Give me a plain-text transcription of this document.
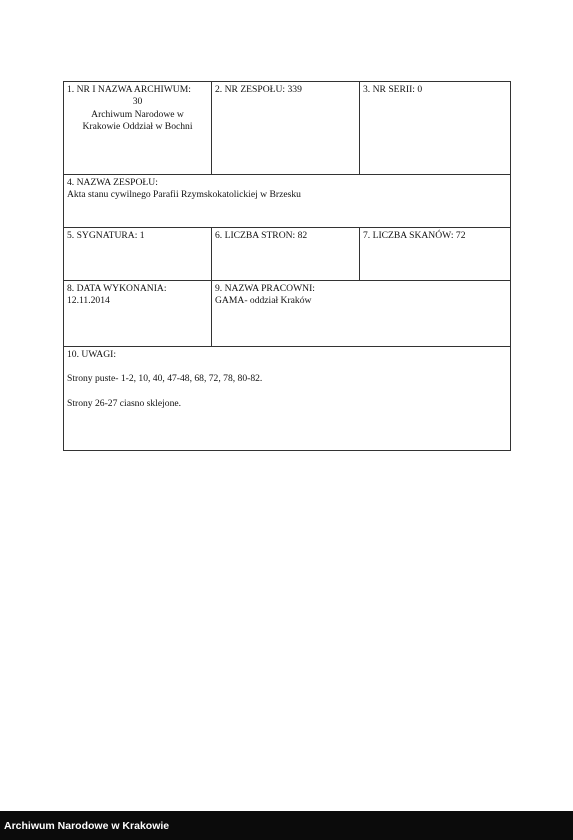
1. NR I NAZWA ARCHIWUM:
30
Archiwum Narodowe w
Krakowie Oddział w Bochni	2. NR ZESPOŁU: 339	3. NR SERII: 0

4. NAZWA ZESPOŁU:
Akta stanu cywilnego Parafii Rzymskokatolickiej w Brzesku		

5. SYGNATURA: 1	6. LICZBA STRON: 82	7. LICZBA SKANÓW: 72

8. DATA WYKONANIA:
12.11.2014	9. NAZWA PRACOWNI:
GAMA- oddział Kraków	

10. UWAGI:
Strony puste- 1-2, 10, 40, 47-48, 68, 72, 78, 80-82.
Strony 26-27 ciasno sklejone.		
Archiwum Narodowe w Krakowie
